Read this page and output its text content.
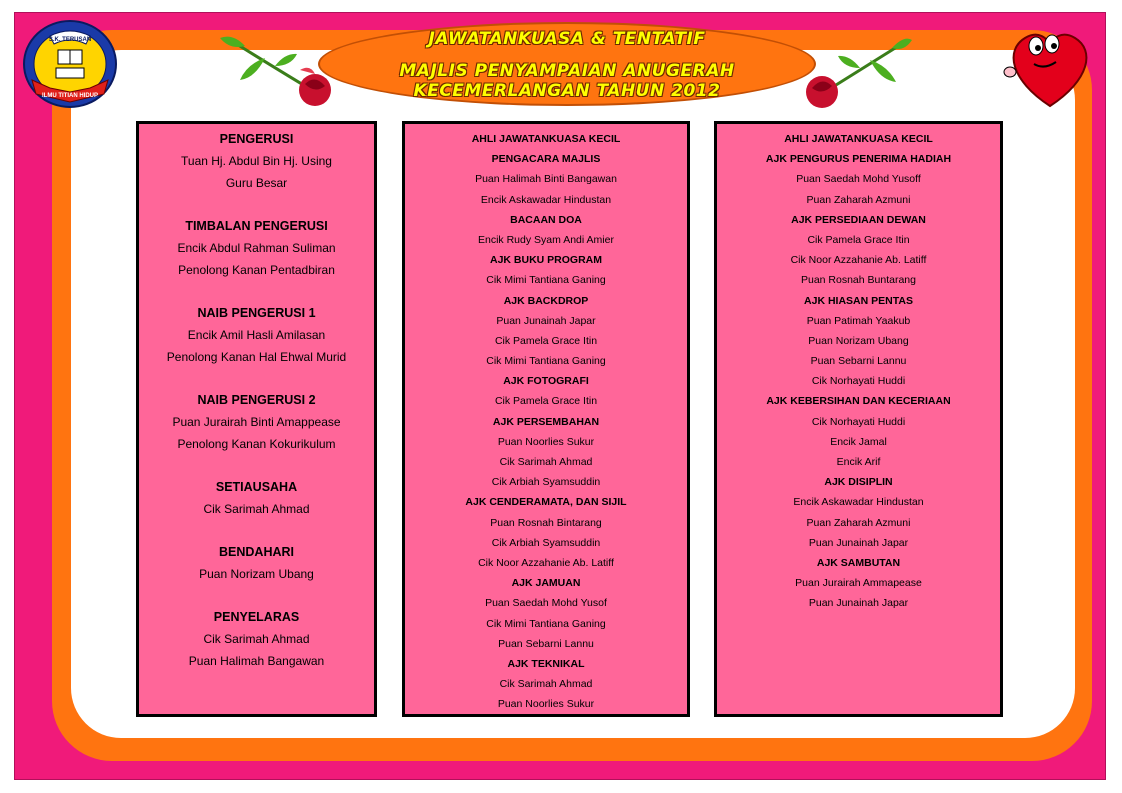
JAWATANKUASA & TENTATIF
MAJLIS PENYAMPAIAN ANUGERAH KECEMERLANGAN TAHUN 2012
S.K. TERUSAN
ILMU TITIAN HIDUP
PENGERUSI
Tuan Hj. Abdul Bin Hj. Using
Guru Besar
TIMBALAN PENGERUSI
Encik Abdul Rahman Suliman
Penolong Kanan Pentadbiran
NAIB PENGERUSI 1
Encik Amil Hasli Amilasan
Penolong Kanan Hal Ehwal Murid
NAIB PENGERUSI 2
Puan Jurairah Binti Amappease
Penolong Kanan Kokurikulum
SETIAUSAHA
Cik Sarimah Ahmad
BENDAHARI
Puan Norizam Ubang
PENYELARAS
Cik Sarimah Ahmad
Puan Halimah Bangawan
AHLI JAWATANKUASA KECIL
PENGACARA MAJLIS
Puan Halimah Binti Bangawan
Encik Askawadar Hindustan
BACAAN DOA
Encik Rudy Syam Andi Amier
AJK BUKU PROGRAM
Cik Mimi Tantiana Ganing
AJK BACKDROP
Puan Junainah Japar
Cik Pamela Grace Itin
Cik Mimi Tantiana Ganing
AJK FOTOGRAFI
Cik Pamela Grace Itin
AJK PERSEMBAHAN
Puan Noorlies Sukur
Cik Sarimah Ahmad
Cik Arbiah Syamsuddin
AJK CENDERAMATA, DAN SIJIL
Puan Rosnah Bintarang
Cik Arbiah Syamsuddin
Cik Noor Azzahanie Ab. Latiff
AJK JAMUAN
Puan Saedah Mohd Yusof
Cik Mimi Tantiana Ganing
Puan Sebarni Lannu
AJK TEKNIKAL
Cik Sarimah Ahmad
Puan Noorlies Sukur
AHLI JAWATANKUASA KECIL
AJK PENGURUS PENERIMA HADIAH
Puan Saedah Mohd Yusoff
Puan Zaharah Azmuni
AJK PERSEDIAAN DEWAN
Cik Pamela Grace Itin
Cik Noor Azzahanie Ab. Latiff
Puan Rosnah Buntarang
AJK HIASAN PENTAS
Puan Patimah Yaakub
Puan Norizam Ubang
Puan Sebarni Lannu
Cik Norhayati Huddi
AJK KEBERSIHAN DAN KECERIAAN
Cik Norhayati Huddi
Encik Jamal
Encik Arif
AJK DISIPLIN
Encik Askawadar Hindustan
Puan Zaharah Azmuni
Puan Junainah Japar
AJK SAMBUTAN
Puan Jurairah Ammapease
Puan Junainah Japar
